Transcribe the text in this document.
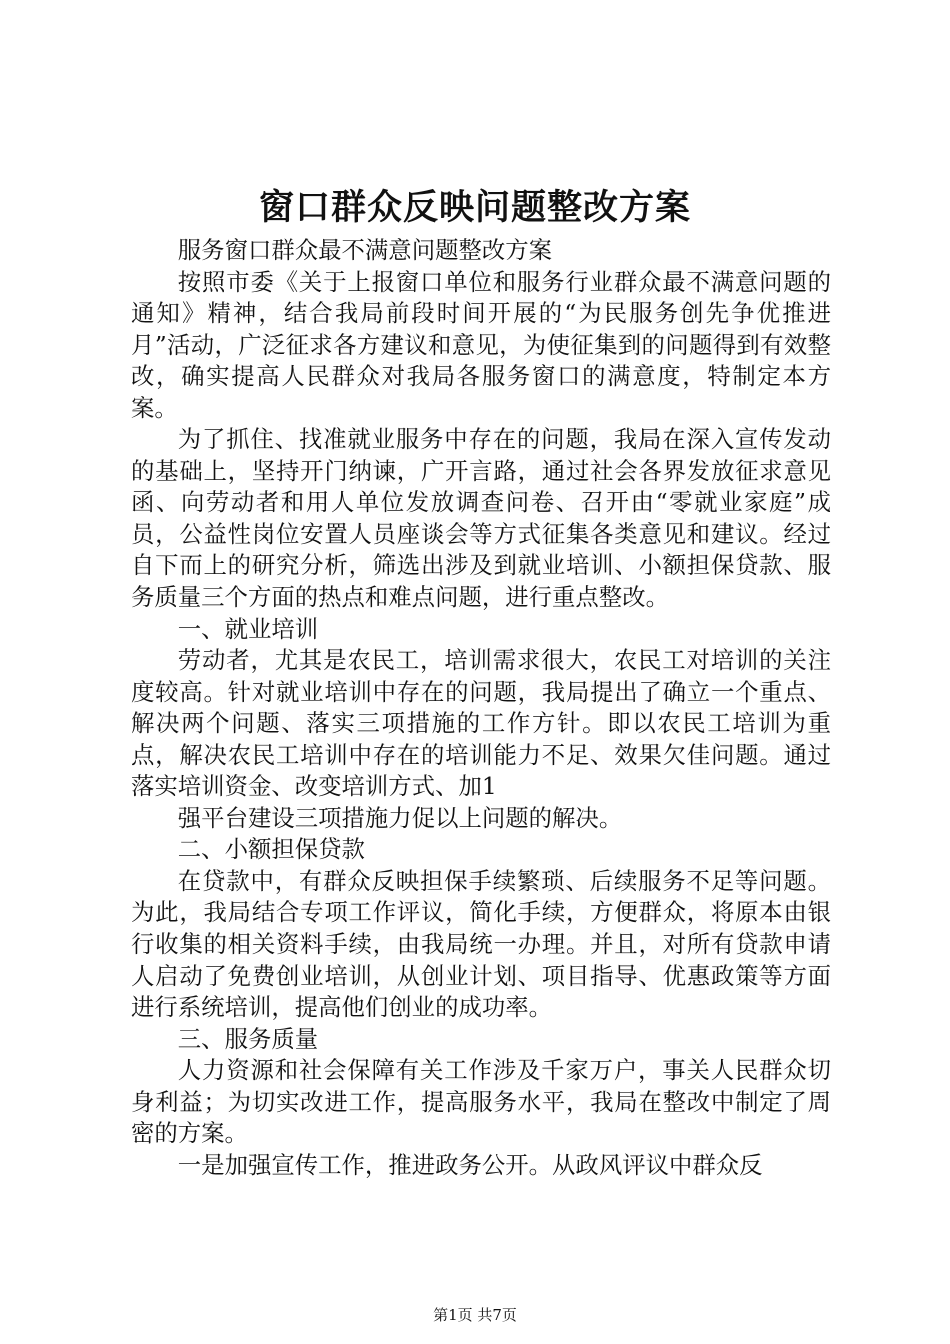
窗口群众反映问题整改方案

服务窗口群众最不满意问题整改方案

按照市委《关于上报窗口单位和服务行业群众最不满意问题的通知》精神，结合我局前段时间开展的“为民服务创先争优推进月”活动，广泛征求各方建议和意见，为使征集到的问题得到有效整改，确实提高人民群众对我局各服务窗口的满意度，特制定本方案。

为了抓住、找准就业服务中存在的问题，我局在深入宣传发动的基础上，坚持开门纳谏，广开言路，通过社会各界发放征求意见函、向劳动者和用人单位发放调查问卷、召开由“零就业家庭”成员，公益性岗位安置人员座谈会等方式征集各类意见和建议。经过自下而上的研究分析，筛选出涉及到就业培训、小额担保贷款、服务质量三个方面的热点和难点问题，进行重点整改。

一、就业培训

劳动者，尤其是农民工，培训需求很大，农民工对培训的关注度较高。针对就业培训中存在的问题，我局提出了确立一个重点、解决两个问题、落实三项措施的工作方针。即以农民工培训为重点，解决农民工培训中存在的培训能力不足、效果欠佳问题。通过落实培训资金、改变培训方式、加1

强平台建设三项措施力促以上问题的解决。

二、小额担保贷款

在贷款中，有群众反映担保手续繁琐、后续服务不足等问题。为此，我局结合专项工作评议，简化手续，方便群众，将原本由银行收集的相关资料手续，由我局统一办理。并且，对所有贷款申请人启动了免费创业培训，从创业计划、项目指导、优惠政策等方面进行系统培训，提高他们创业的成功率。

三、服务质量

人力资源和社会保障有关工作涉及千家万户，事关人民群众切身利益；为切实改进工作，提高服务水平，我局在整改中制定了周密的方案。

一是加强宣传工作，推进政务公开。从政风评议中群众反

第1页 共7页
